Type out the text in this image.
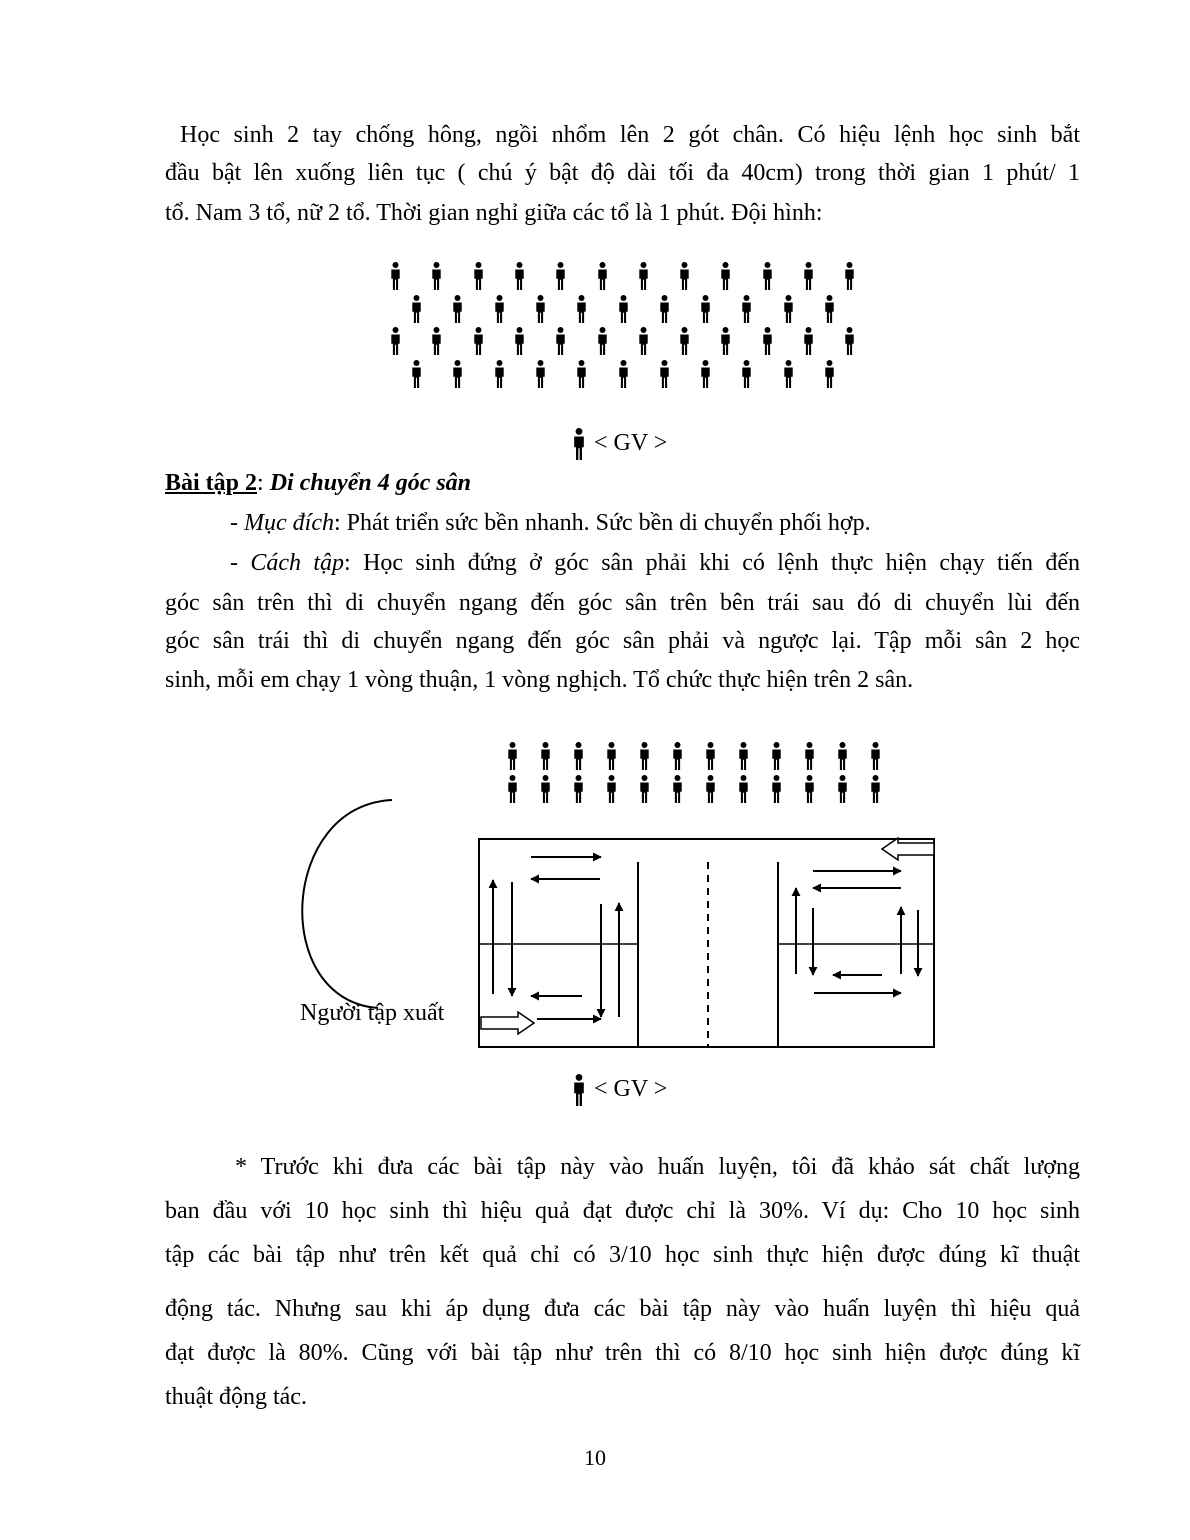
Học sinh 2 tay chống hông, ngồi nhổm lên 2 gót chân. Có hiệu lệnh học sinh bắt

đầu bật lên xuống liên tục ( chú ý bật độ dài tối đa 40cm) trong thời gian 1 phút/ 1

tổ. Nam 3 tổ, nữ 2 tổ. Thời gian nghỉ giữa các tổ là 1 phút. Đội hình:

< GV >

Bài tập 2: Di chuyển 4 góc sân

- Mục đích: Phát triển sức bền nhanh. Sức bền di chuyển phối hợp.

- Cách tập: Học sinh đứng ở góc sân phải khi có lệnh thực hiện chạy tiến đến

góc sân trên thì di chuyển ngang đến góc sân trên bên trái sau đó di chuyển lùi đến

góc sân trái thì di chuyển ngang đến góc sân phải và ngược lại. Tập mỗi sân 2 học

sinh, mỗi em chạy 1 vòng thuận, 1 vòng nghịch. Tổ chức thực hiện trên 2 sân.

Người tập xuất
< GV >

* Trước khi đưa các bài tập này vào huấn luyện, tôi đã khảo sát chất lượng

ban đầu với 10 học sinh thì hiệu quả đạt được chỉ là 30%. Ví dụ: Cho 10 học sinh

tập các bài tập như trên kết quả chỉ có 3/10 học sinh thực hiện được đúng kĩ thuật

động tác. Nhưng sau khi áp dụng đưa các bài tập này vào huấn luyện thì hiệu quả

đạt được là 80%. Cũng với bài tập như trên thì có 8/10 học sinh hiện được đúng kĩ

thuật động tác.

10
